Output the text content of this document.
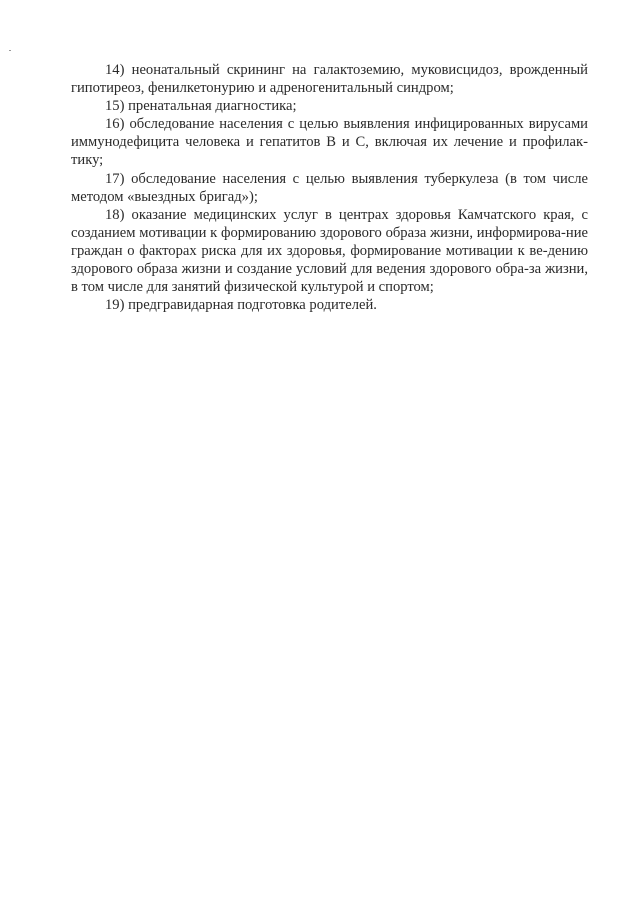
14) неонатальный скрининг на галактоземию, муковисцидоз, врожденный гипотиреоз, фенилкетонурию и адреногенитальный синдром;

15) пренатальная диагностика;

16) обследование населения с целью выявления инфицированных вирусами иммунодефицита человека и гепатитов В и С, включая их лечение и профилак-тику;

17) обследование населения с целью выявления туберкулеза (в том числе методом «выездных бригад»);

18) оказание медицинских услуг в центрах здоровья Камчатского края, с созданием мотивации к формированию здорового образа жизни, информирова-ние граждан о факторах риска для их здоровья, формирование мотивации к ве-дению здорового образа жизни и создание условий для ведения здорового обра-за жизни, в том числе для занятий физической культурой и спортом;

19) предгравидарная подготовка родителей.
